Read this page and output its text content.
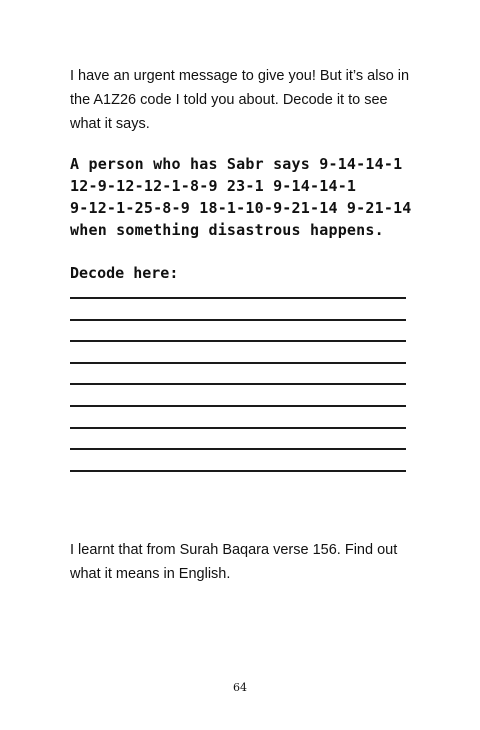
I have an urgent message to give you! But it’s also in the A1Z26 code I told you about. Decode it to see what it says.

A person who has Sabr says 9-14-14-1
12-9-12-12-1-8-9 23-1 9-14-14-1
9-12-1-25-8-9 18-1-10-9-21-14 9-21-14
when something disastrous happens.

Decode here:

I learnt that from Surah Baqara verse 156. Find out what it means in English.

64
